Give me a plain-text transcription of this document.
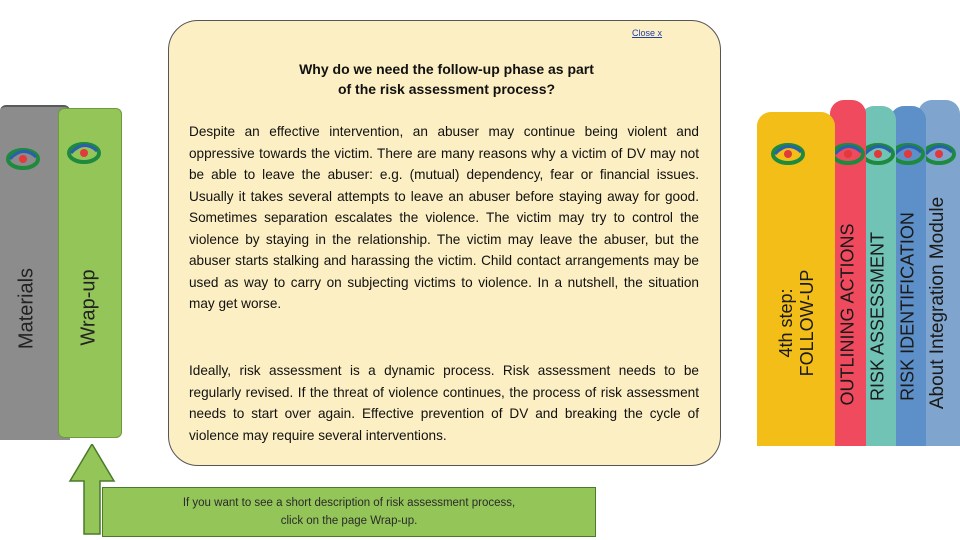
Materials Wrap-up	About Integration Module
RISK IDENTIFICATION
RISK ASSESSMENT
OUTLINING ACTIONS
4th step: FOLLOW-UP
Close x
Why do we need the follow-up phase as part
of the risk assessment process?

Despite an effective intervention, an abuser may continue being violent and oppressive towards the victim. There are many reasons why a victim of DV may not be able to leave the abuser: e.g. (mutual) dependency, fear or financial issues. Usually it takes several attempts to leave an abuser before staying away for good. Sometimes separation escalates the violence. The victim may try to control the violence by staying in the relationship. The victim may leave the abuser, but the abuser starts stalking and harassing the victim. Child contact arrangements may be used as way to carry on subjecting victims to violence. In a nutshell, the situation may get worse.

Ideally, risk assessment is a dynamic process. Risk assessment needs to be regularly revised. If the threat of violence continues, the process of risk assessment needs to start over again. Effective prevention of DV and breaking the cycle of violence may require several interventions.

If you want to see a short description of risk assessment process,
click on the page Wrap-up.
